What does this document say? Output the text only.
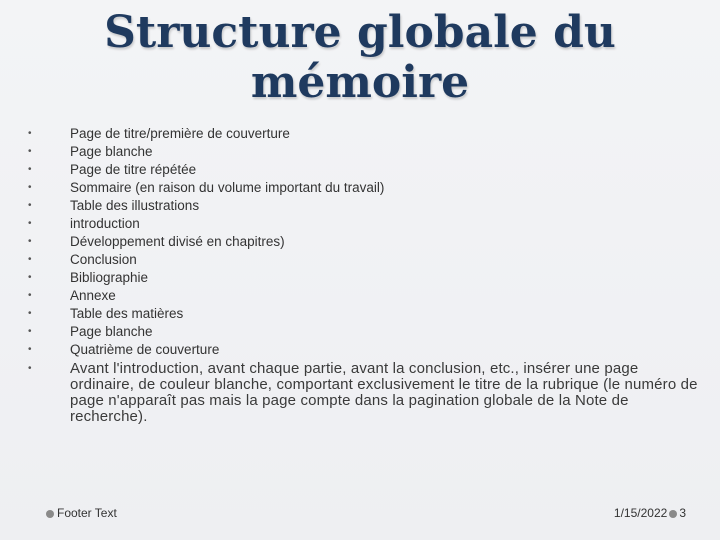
Structure globale du mémoire
•	Page de titre/première de couverture
•	Page blanche
•	Page de titre répétée
•	Sommaire (en raison du volume important du travail)
•	Table des illustrations
•	introduction
•	Développement divisé en chapitres)
•	Conclusion
•	Bibliographie
•	Annexe
•	Table des matières
•	Page blanche
•	Quatrième de couverture
•	Avant l'introduction, avant chaque partie, avant la conclusion, etc., insérer une page ordinaire, de couleur blanche, comportant exclusivement le titre de la rubrique (le numéro de page n'apparaît pas mais la page compte dans la pagination globale de la Note de recherche).
Footer Text	1/15/2022 3
